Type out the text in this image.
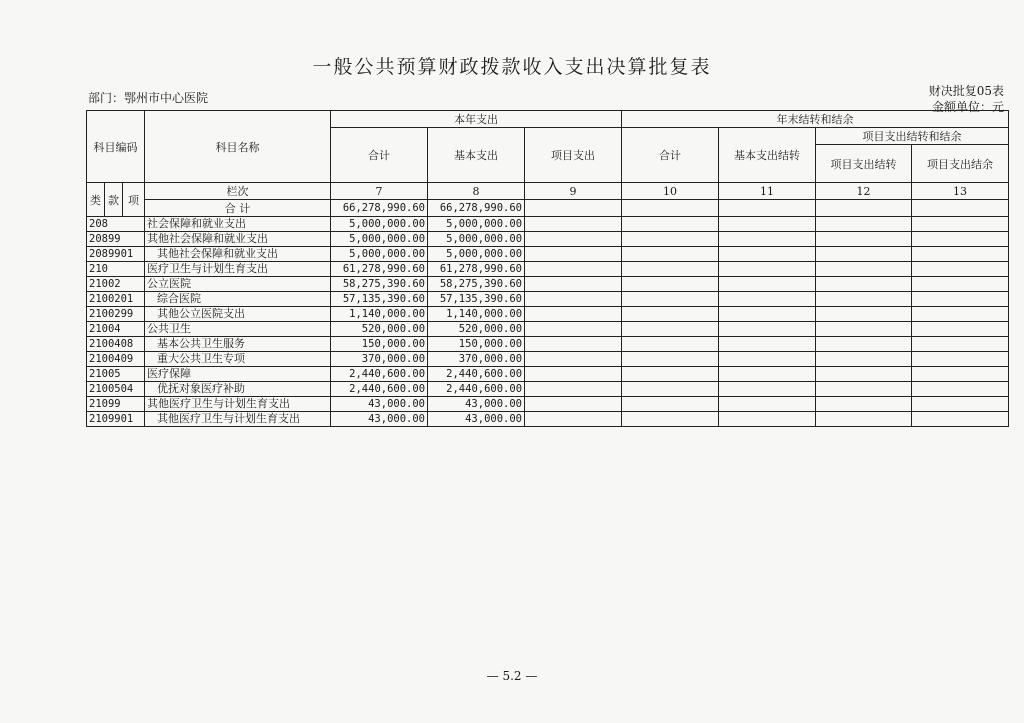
一般公共预算财政拨款收入支出决算批复表
部门：鄂州市中心医院	财决批复05表
金额单位：元
科目编码			科目名称	本年支出			年末结转和结余			
				合计	基本支出	项目支出	合计	基本支出结转	项目支出结转和结余	
									项目支出结转	项目支出结余
类	款	项	栏次	7	8	9	10	11	12	13
			合 计	66,278,990.60	66,278,990.60					
208			社会保障和就业支出	5,000,000.00	5,000,000.00					
20899			其他社会保障和就业支出	5,000,000.00	5,000,000.00					
2089901			其他社会保障和就业支出	5,000,000.00	5,000,000.00					
210			医疗卫生与计划生育支出	61,278,990.60	61,278,990.60					
21002			公立医院	58,275,390.60	58,275,390.60					
2100201			综合医院	57,135,390.60	57,135,390.60					
2100299			其他公立医院支出	1,140,000.00	1,140,000.00					
21004			公共卫生	520,000.00	520,000.00					
2100408			基本公共卫生服务	150,000.00	150,000.00					
2100409			重大公共卫生专项	370,000.00	370,000.00					
21005			医疗保障	2,440,600.00	2,440,600.00					
2100504			优抚对象医疗补助	2,440,600.00	2,440,600.00					
21099			其他医疗卫生与计划生育支出	43,000.00	43,000.00					
2109901			其他医疗卫生与计划生育支出	43,000.00	43,000.00					
— 5.2 —
